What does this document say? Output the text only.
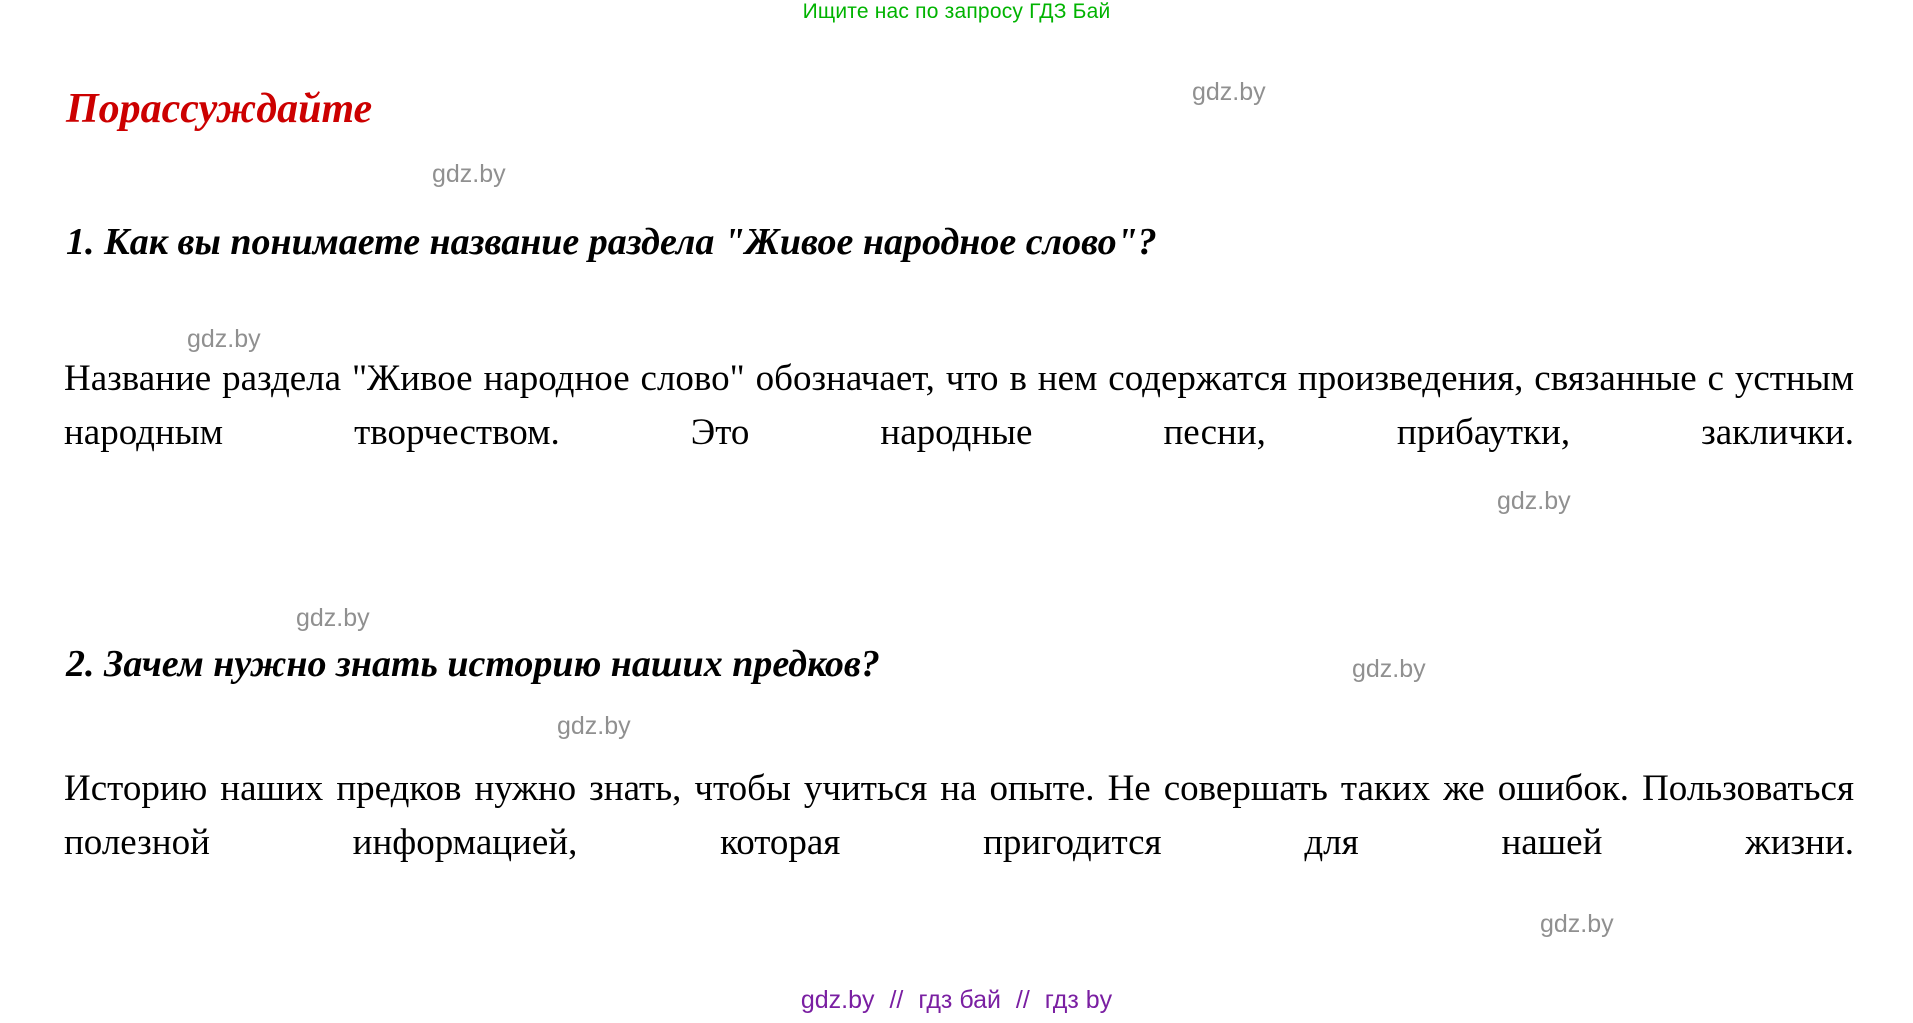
Ищите нас по запросу ГДЗ Бай
Порассуждайте
1. Как вы понимаете название раздела "Живое народное слово"?
Название раздела "Живое народное слово" обозначает, что в нем содержатся произведения, связанные с устным народным творчеством. Это народные песни, прибаутки, заклички.
2. Зачем нужно знать историю наших предков?
Историю наших предков нужно знать, чтобы учиться на опыте. Не совершать таких же ошибок. Пользоваться полезной информацией, которая пригодится для нашей жизни.
gdz.by
gdz.by
gdz.by
gdz.by
gdz.by
gdz.by
gdz.by
gdz.by
gdz.by // гдз бай // гдз by
